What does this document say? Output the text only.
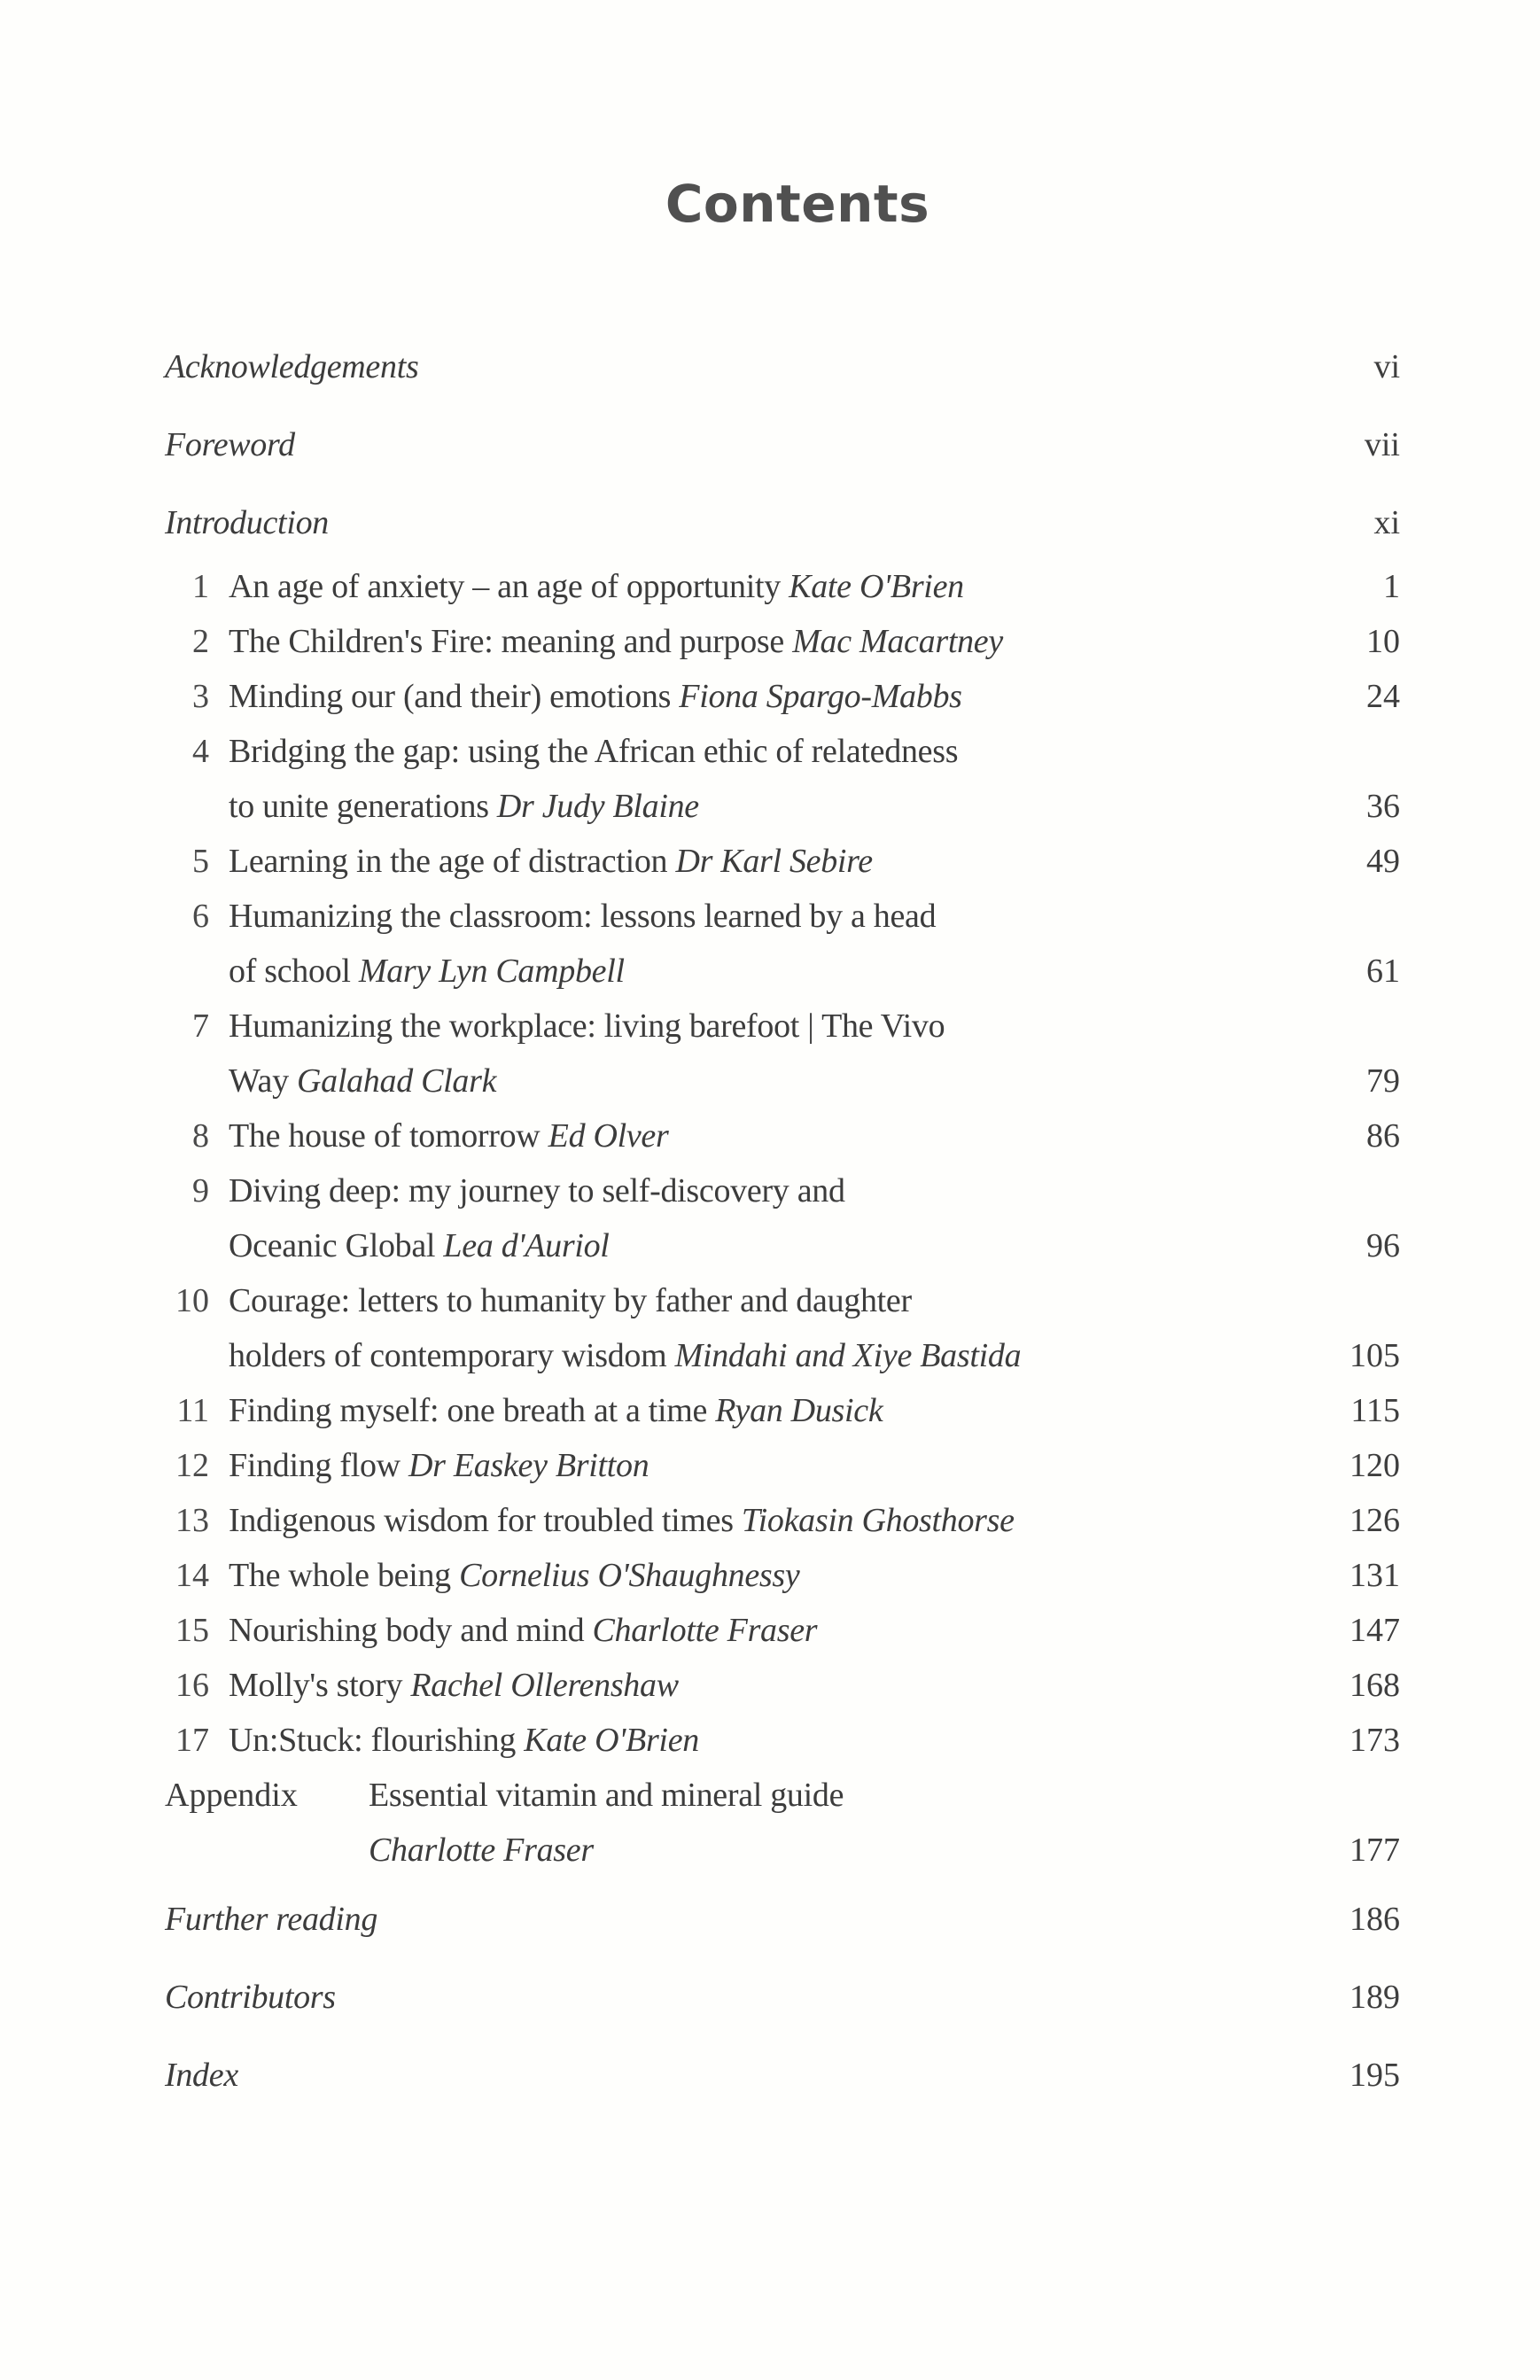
Contents
Acknowledgements	vi
Foreword	vii
Introduction	xi
1 An age of anxiety – an age of opportunity Kate O'Brien	1
2 The Children's Fire: meaning and purpose Mac Macartney	10
3 Minding our (and their) emotions Fiona Spargo-Mabbs	24
4 Bridging the gap: using the African ethic of relatedness
to unite generations Dr Judy Blaine	36
5 Learning in the age of distraction Dr Karl Sebire	49
6 Humanizing the classroom: lessons learned by a head
of school Mary Lyn Campbell	61
7 Humanizing the workplace: living barefoot | The Vivo
Way Galahad Clark	79
8 The house of tomorrow Ed Olver	86
9 Diving deep: my journey to self-discovery and
Oceanic Global Lea d'Auriol	96
10 Courage: letters to humanity by father and daughter
holders of contemporary wisdom Mindahi and Xiye Bastida	105
11 Finding myself: one breath at a time Ryan Dusick	115
12 Finding flow Dr Easkey Britton	120
13 Indigenous wisdom for troubled times Tiokasin Ghosthorse	126
14 The whole being Cornelius O'Shaughnessy	131
15 Nourishing body and mind Charlotte Fraser	147
16 Molly's story Rachel Ollerenshaw	168
17 Un:Stuck: flourishing Kate O'Brien	173
Appendix Essential vitamin and mineral guide
Charlotte Fraser	177
Further reading	186
Contributors	189
Index	195
